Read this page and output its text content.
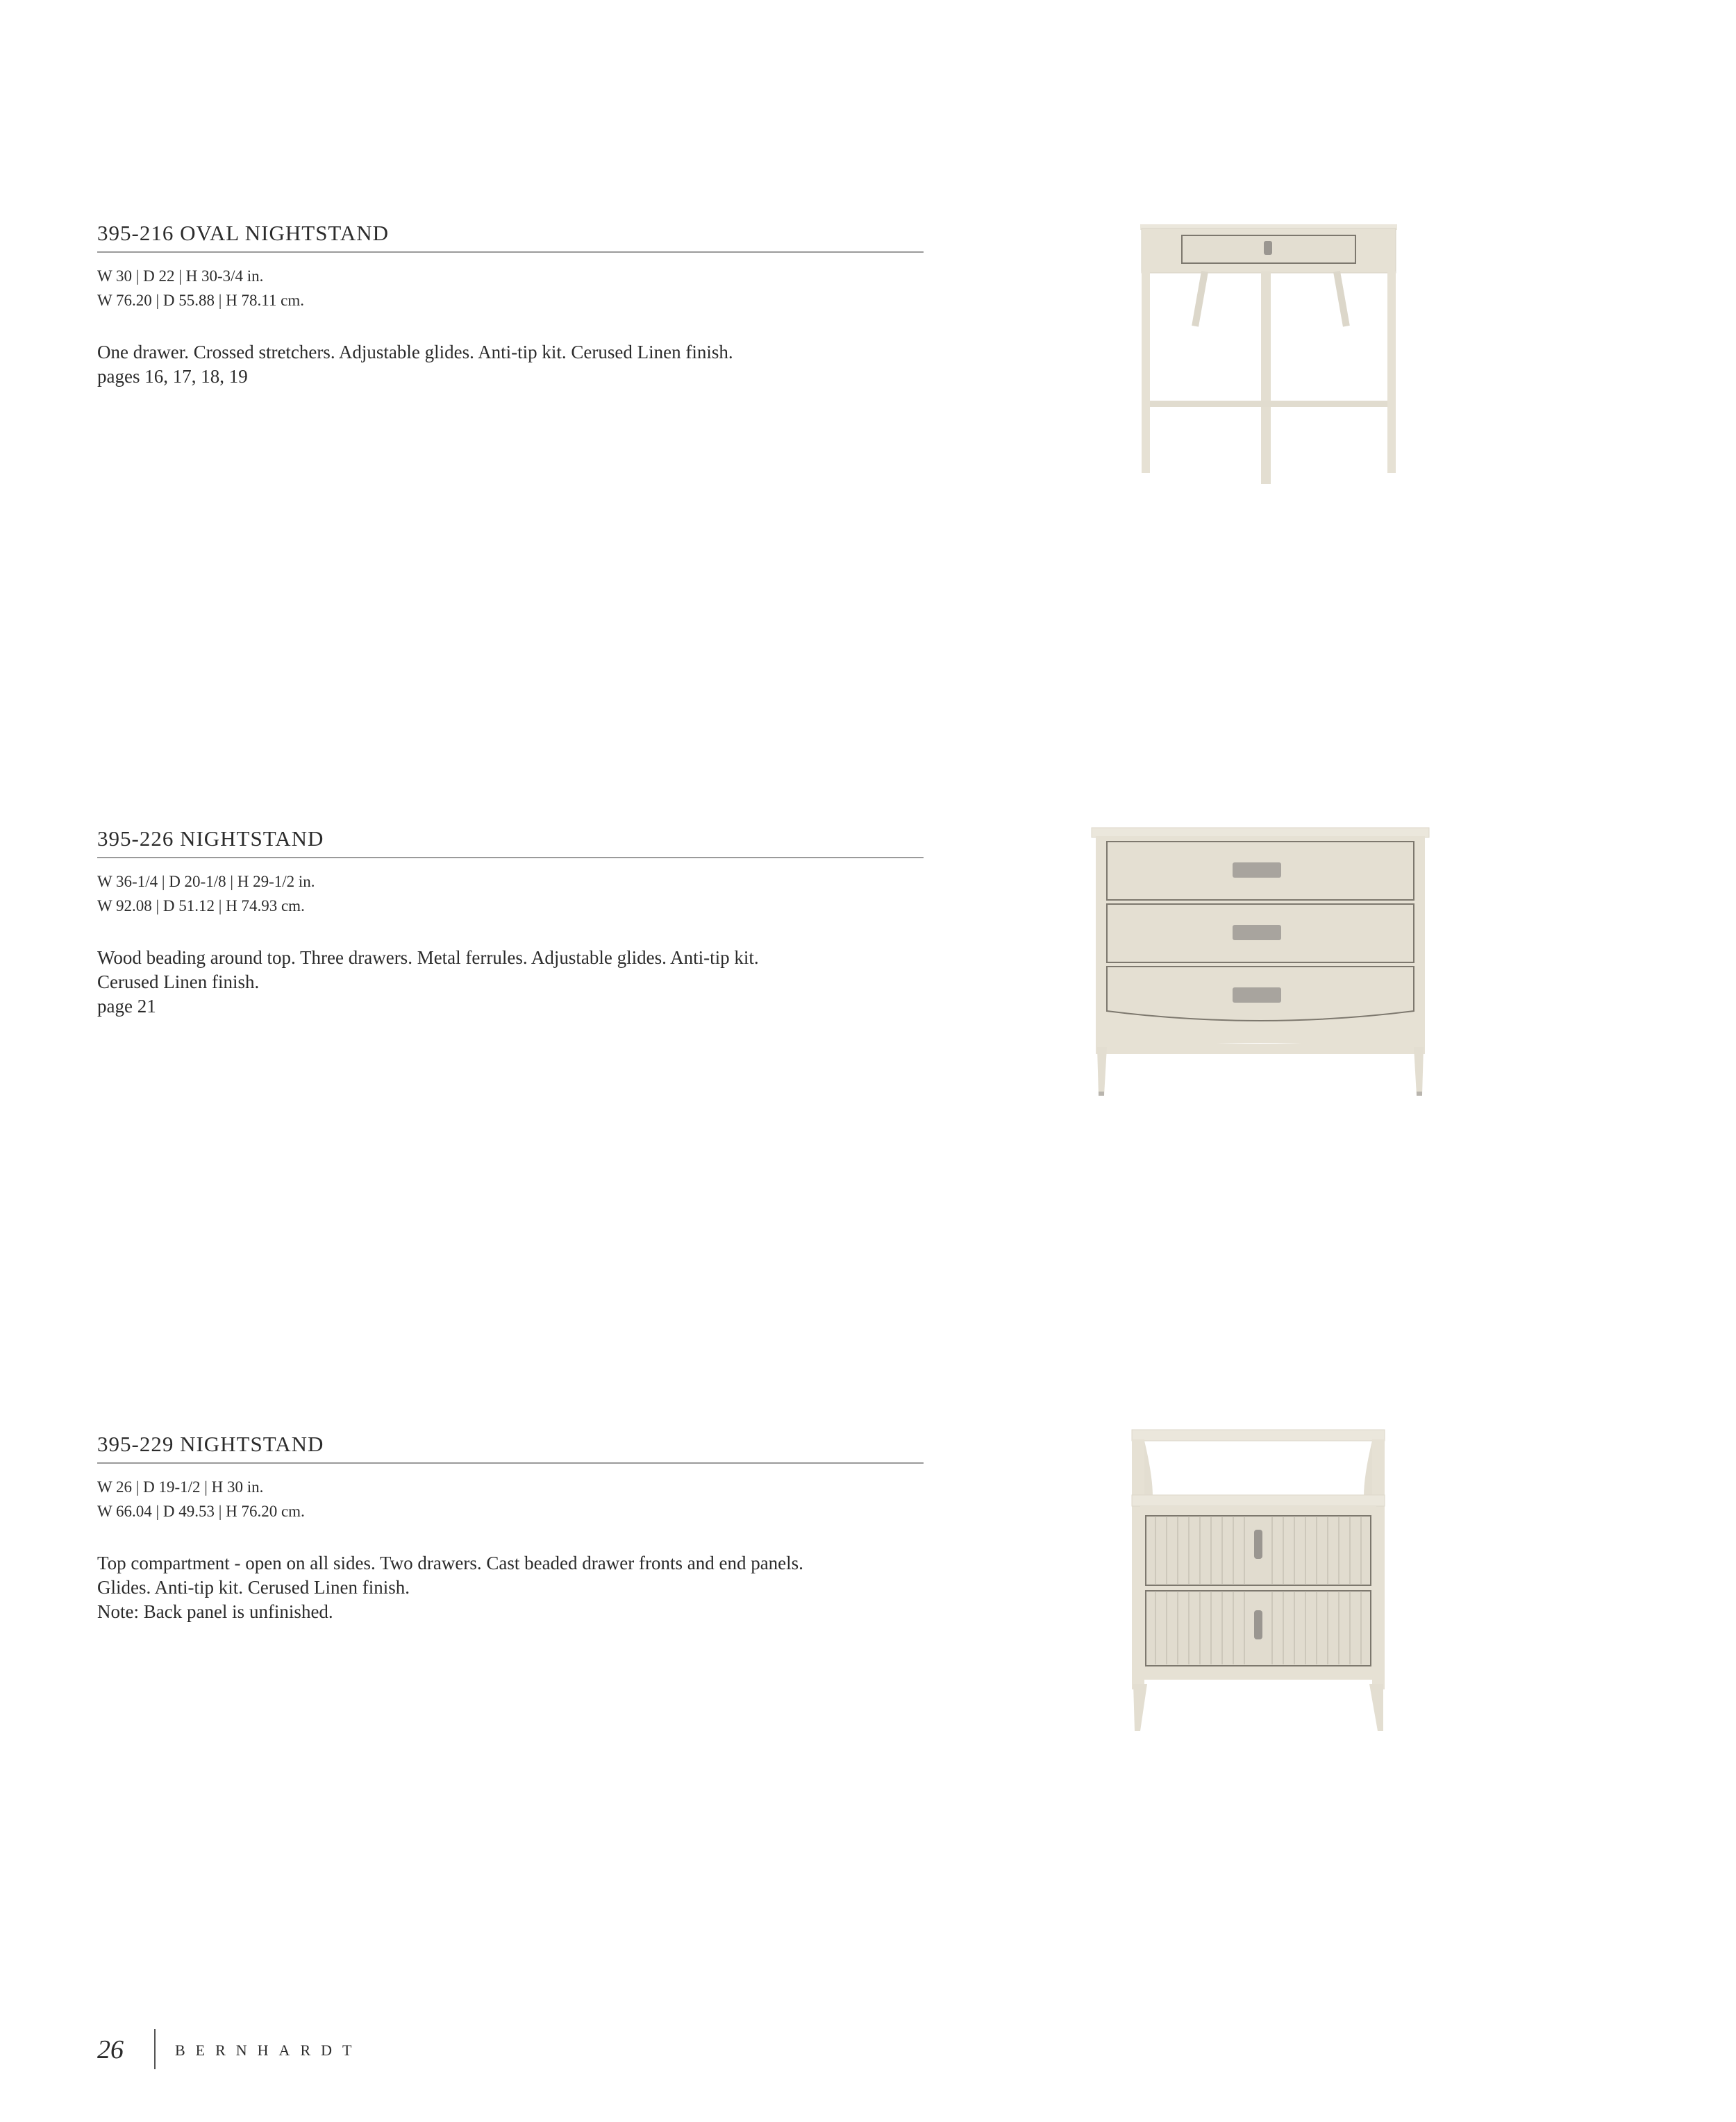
395-216 OVAL NIGHTSTAND
W 30 | D 22 | H 30-3/4 in.
W 76.20 | D 55.88 | H 78.11 cm.
One drawer. Crossed stretchers. Adjustable glides. Anti-tip kit. Cerused Linen finish.
pages 16, 17, 18, 19
395-226 NIGHTSTAND
W 36-1/4 | D 20-1/8 | H 29-1/2 in.
W 92.08 | D 51.12 | H 74.93 cm.
Wood beading around top. Three drawers. Metal ferrules. Adjustable glides. Anti-tip kit.
Cerused Linen finish.
page 21
395-229 NIGHTSTAND
W 26 | D 19-1/2 | H 30 in.
W 66.04 | D 49.53 | H 76.20 cm.
Top compartment - open on all sides. Two drawers. Cast beaded drawer fronts and end panels.
Glides. Anti-tip kit. Cerused Linen finish.
Note: Back panel is unfinished.
26	BERNHARDT
